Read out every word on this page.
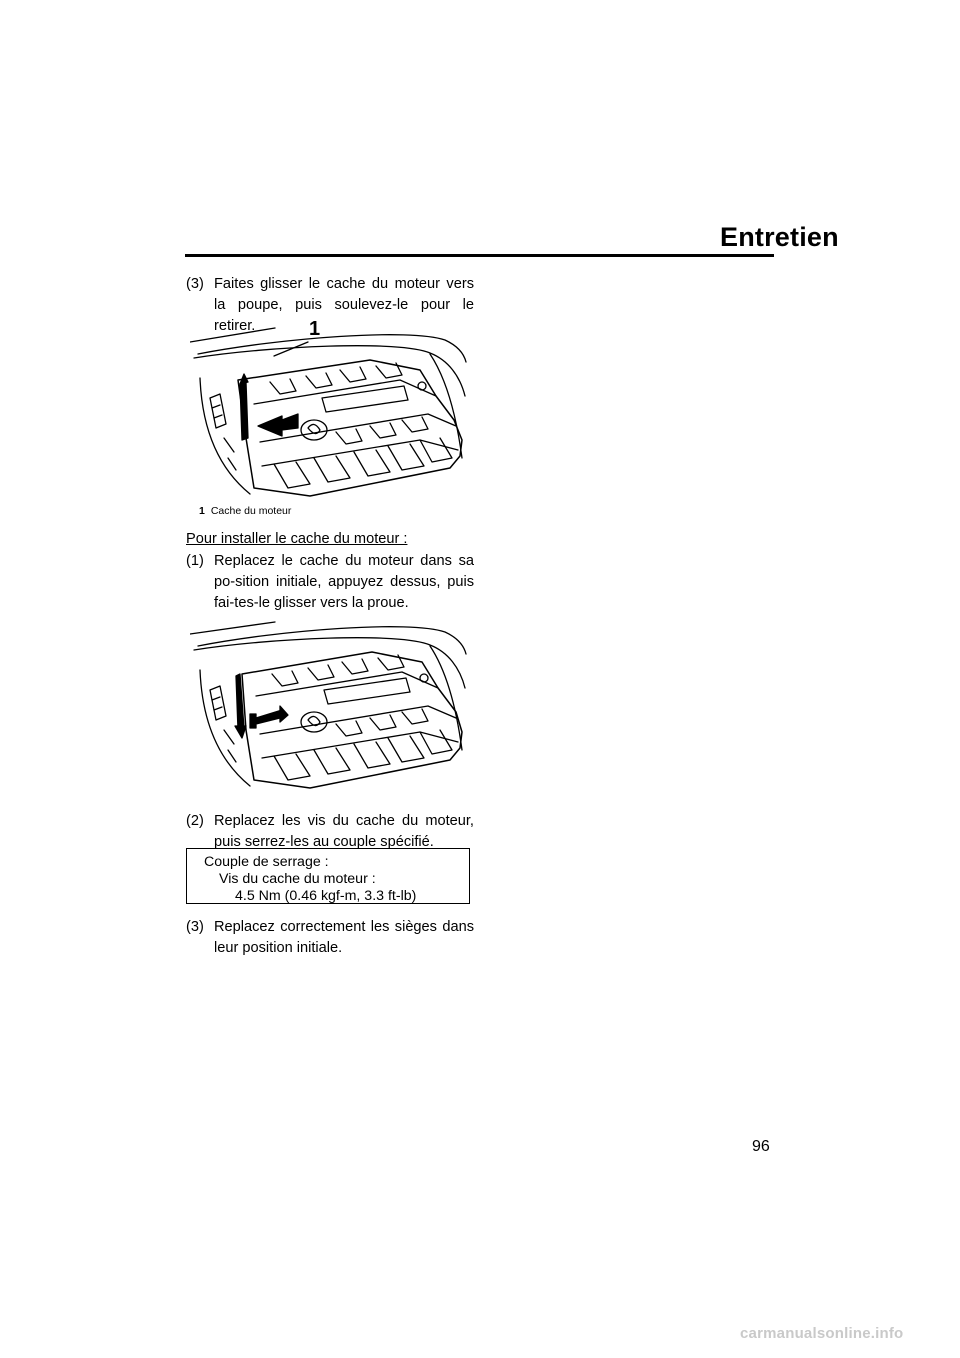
Entretien
(3) Faites glisser le cache du moteur vers la poupe, puis soulevez-le pour le retirer.	1
1 Cache du moteur
Pour installer le cache du moteur :
(1) Replacez le cache du moteur dans sa po-sition initiale, appuyez dessus, puis fai-tes-le glisser vers la proue.
(2) Replacez les vis du cache du moteur, puis serrez-les au couple spécifié.
Couple de serrage :
Vis du cache du moteur :
4.5 Nm (0.46 kgf-m, 3.3 ft-lb)
(3) Replacez correctement les sièges dans leur position initiale.
96
carmanualsonline.info
